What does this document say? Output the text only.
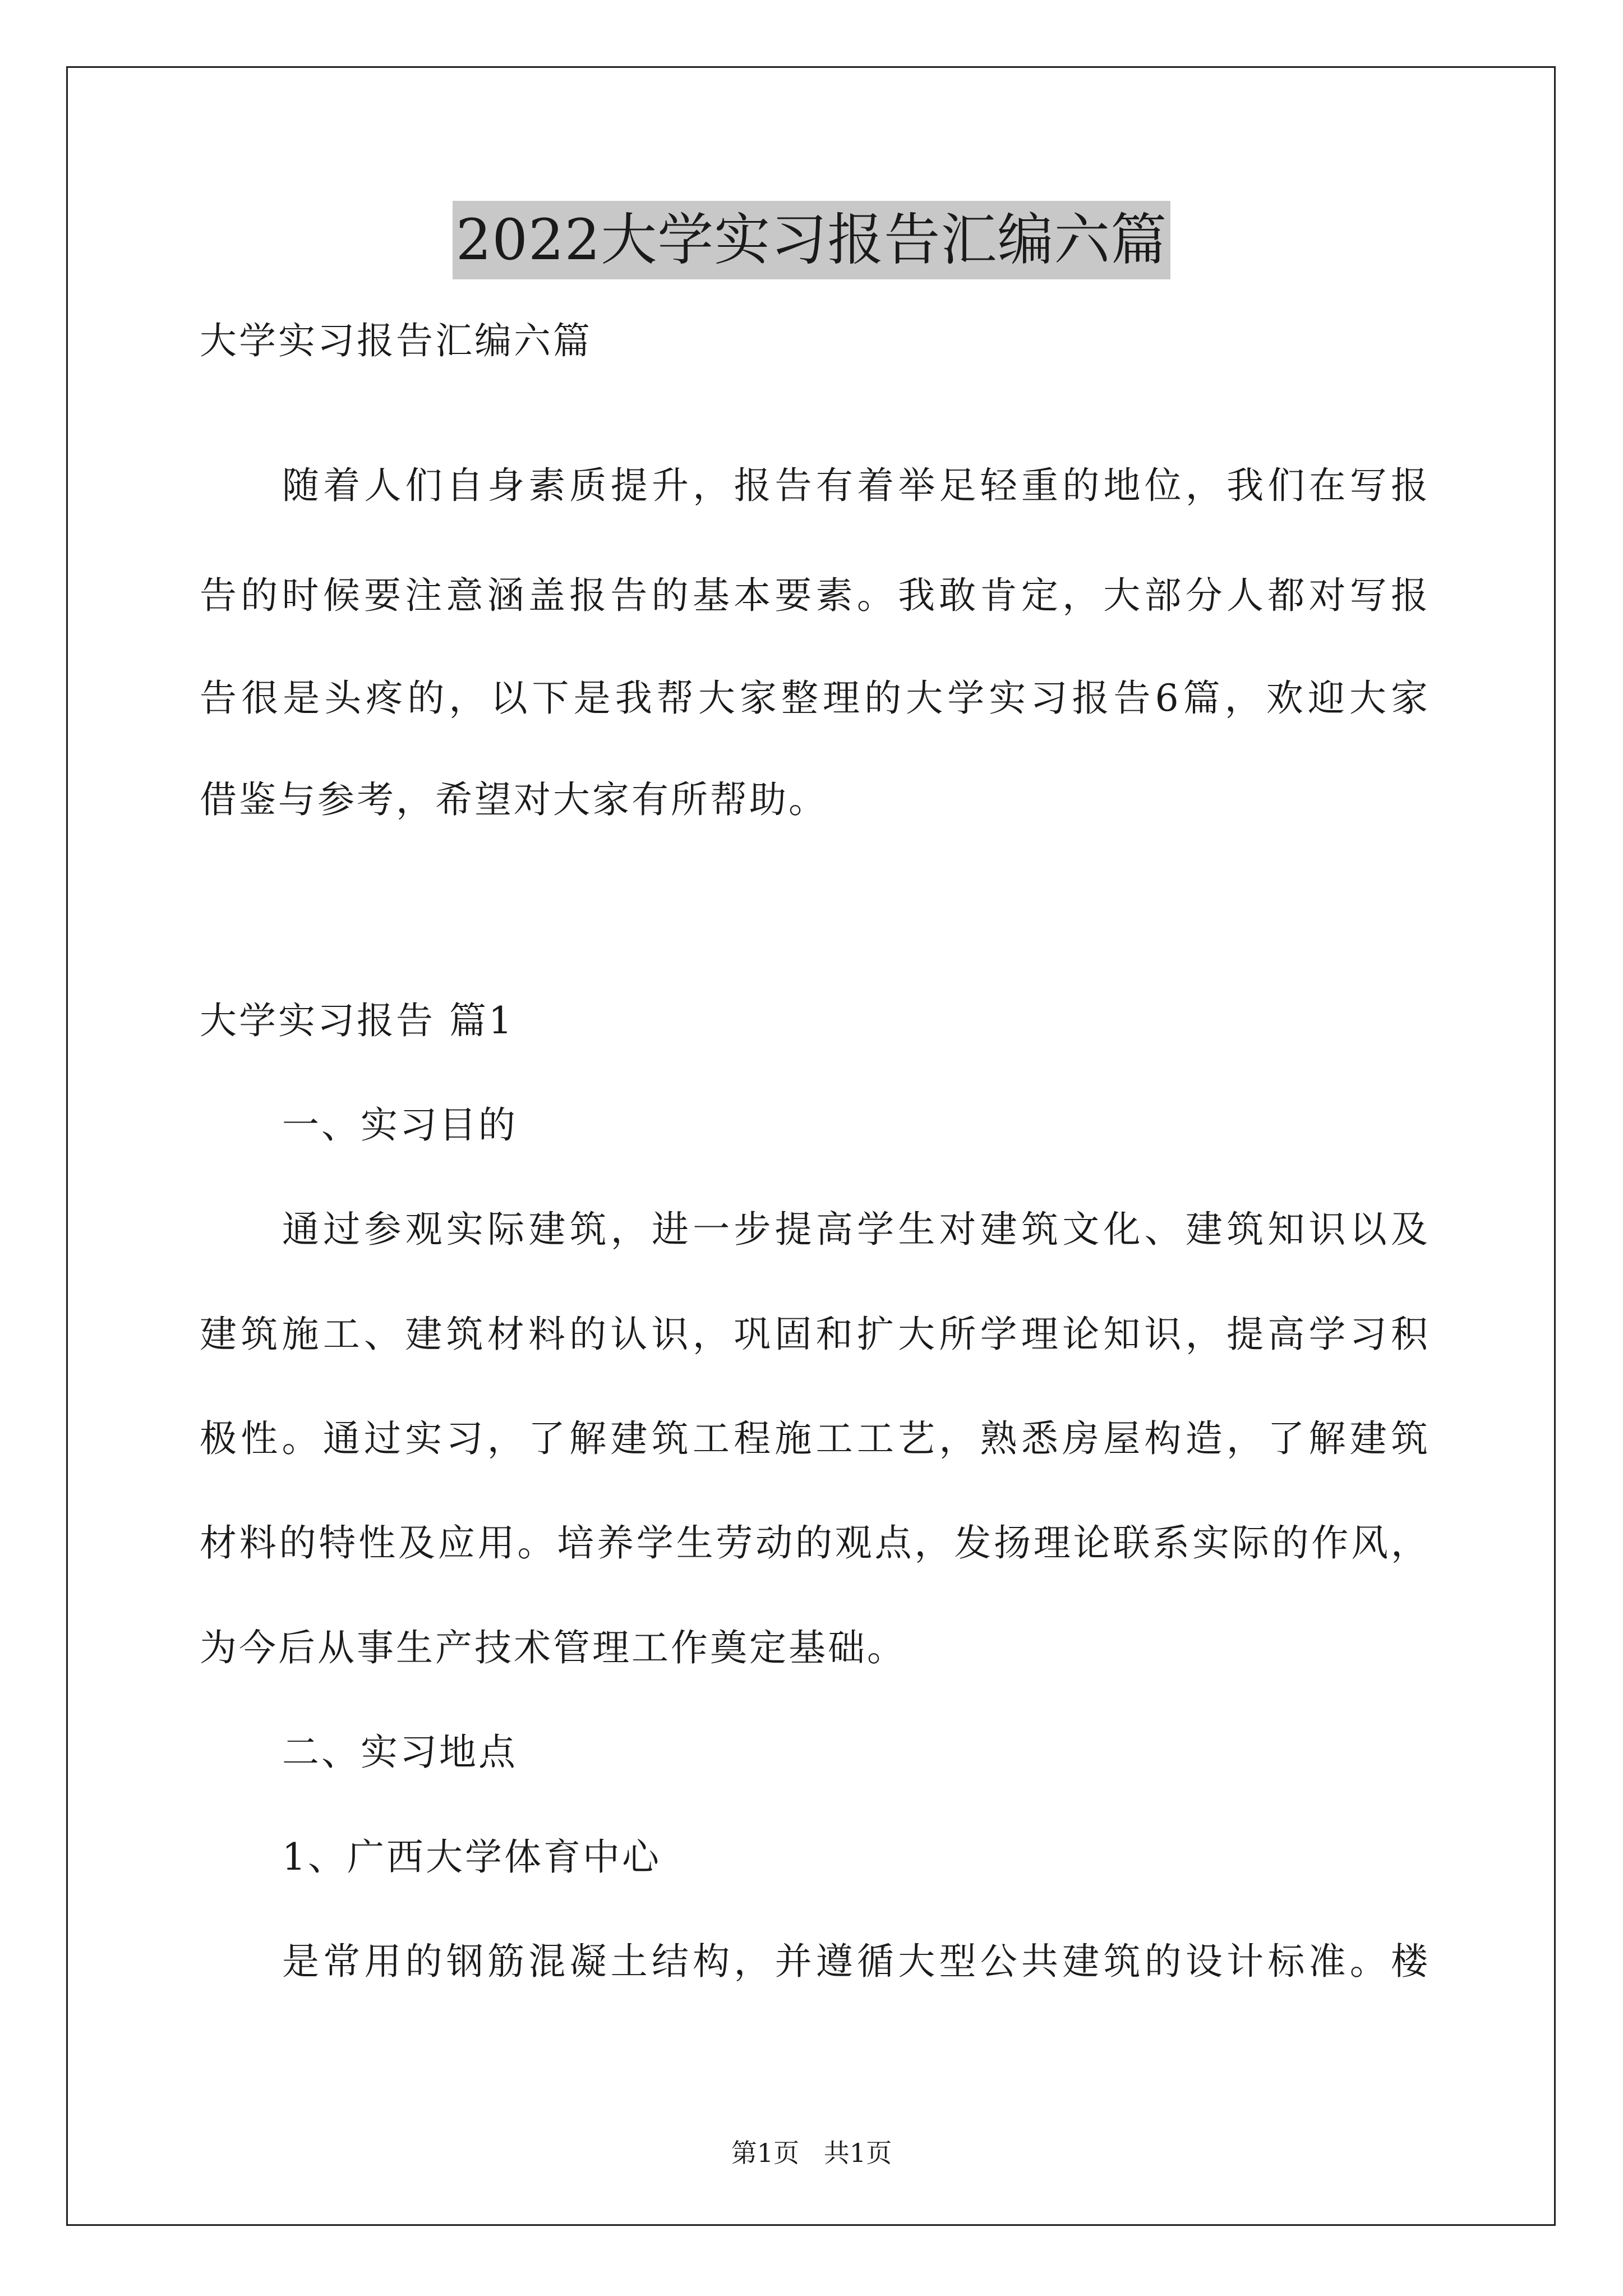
2022大学实习报告汇编六篇
大学实习报告汇编六篇
随着人们自身素质提升，报告有着举足轻重的地位，我们在写报
告的时候要注意涵盖报告的基本要素。我敢肯定，大部分人都对写报
告很是头疼的，以下是我帮大家整理的大学实习报告6篇，欢迎大家
借鉴与参考，希望对大家有所帮助。
大学实习报告 篇1
一、实习目的
通过参观实际建筑，进一步提高学生对建筑文化、建筑知识以及
建筑施工、建筑材料的认识，巩固和扩大所学理论知识，提高学习积
极性。通过实习，了解建筑工程施工工艺，熟悉房屋构造，了解建筑
材料的特性及应用。培养学生劳动的观点，发扬理论联系实际的作风，
为今后从事生产技术管理工作奠定基础。
二、实习地点
1、广西大学体育中心
是常用的钢筋混凝土结构，并遵循大型公共建筑的设计标准。楼
第1页   共1页
